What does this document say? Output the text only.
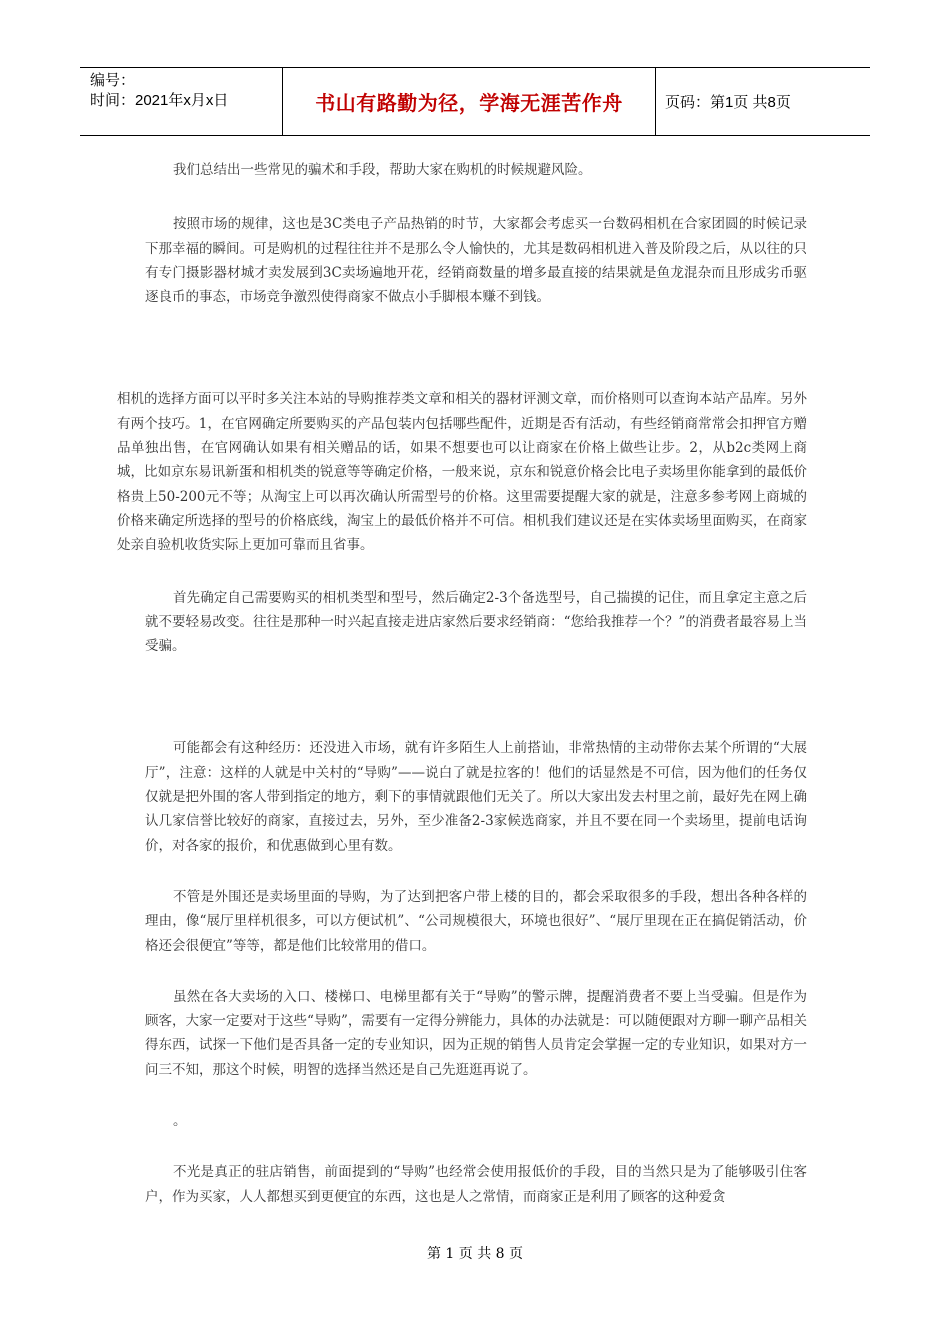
编号：
时间：2021年x月x日	书山有路勤为径，学海无涯苦作舟	页码：第1页 共8页

我们总结出一些常见的骗术和手段，帮助大家在购机的时候规避风险。

按照市场的规律，这也是3C类电子产品热销的时节，大家都会考虑买一台数码相机在合家团圆的时候记录下那幸福的瞬间。可是购机的过程往往并不是那么令人愉快的，尤其是数码相机进入普及阶段之后，从以往的只有专门摄影器材城才卖发展到3C卖场遍地开花，经销商数量的增多最直接的结果就是鱼龙混杂而且形成劣币驱逐良币的事态，市场竞争激烈使得商家不做点小手脚根本赚不到钱。

相机的选择方面可以平时多关注本站的导购推荐类文章和相关的器材评测文章，而价格则可以查询本站产品库。另外有两个技巧。1，在官网确定所要购买的产品包装内包括哪些配件，近期是否有活动，有些经销商常常会扣押官方赠品单独出售，在官网确认如果有相关赠品的话，如果不想要也可以让商家在价格上做些让步。2，从b2c类网上商城，比如京东易讯新蛋和相机类的锐意等等确定价格，一般来说，京东和锐意价格会比电子卖场里你能拿到的最低价格贵上50-200元不等；从淘宝上可以再次确认所需型号的价格。这里需要提醒大家的就是，注意多参考网上商城的价格来确定所选择的型号的价格底线，淘宝上的最低价格并不可信。相机我们建议还是在实体卖场里面购买，在商家处亲自验机收货实际上更加可靠而且省事。

首先确定自己需要购买的相机类型和型号，然后确定2-3个备选型号，自己揣摸的记住，而且拿定主意之后就不要轻易改变。往往是那种一时兴起直接走进店家然后要求经销商：“您给我推荐一个？”的消费者最容易上当受骗。

可能都会有这种经历：还没进入市场，就有许多陌生人上前搭讪，非常热情的主动带你去某个所谓的“大展厅”，注意：这样的人就是中关村的“导购”——说白了就是拉客的！他们的话显然是不可信，因为他们的任务仅仅就是把外围的客人带到指定的地方，剩下的事情就跟他们无关了。所以大家出发去村里之前，最好先在网上确认几家信誉比较好的商家，直接过去，另外，至少准备2-3家候选商家，并且不要在同一个卖场里，提前电话询价，对各家的报价，和优惠做到心里有数。

不管是外围还是卖场里面的导购，为了达到把客户带上楼的目的，都会采取很多的手段，想出各种各样的理由，像“展厅里样机很多，可以方便试机”、“公司规模很大，环境也很好”、“展厅里现在正在搞促销活动，价格还会很便宜”等等，都是他们比较常用的借口。

虽然在各大卖场的入口、楼梯口、电梯里都有关于“导购”的警示牌，提醒消费者不要上当受骗。但是作为顾客，大家一定要对于这些“导购”，需要有一定得分辨能力，具体的办法就是：可以随便跟对方聊一聊产品相关得东西，试探一下他们是否具备一定的专业知识，因为正规的销售人员肯定会掌握一定的专业知识，如果对方一问三不知，那这个时候，明智的选择当然还是自己先逛逛再说了。

。

不光是真正的驻店销售，前面提到的“导购”也经常会使用报低价的手段，目的当然只是为了能够吸引住客户，作为买家，人人都想买到更便宜的东西，这也是人之常情，而商家正是利用了顾客的这种爱贪

第 1 页 共 8 页
